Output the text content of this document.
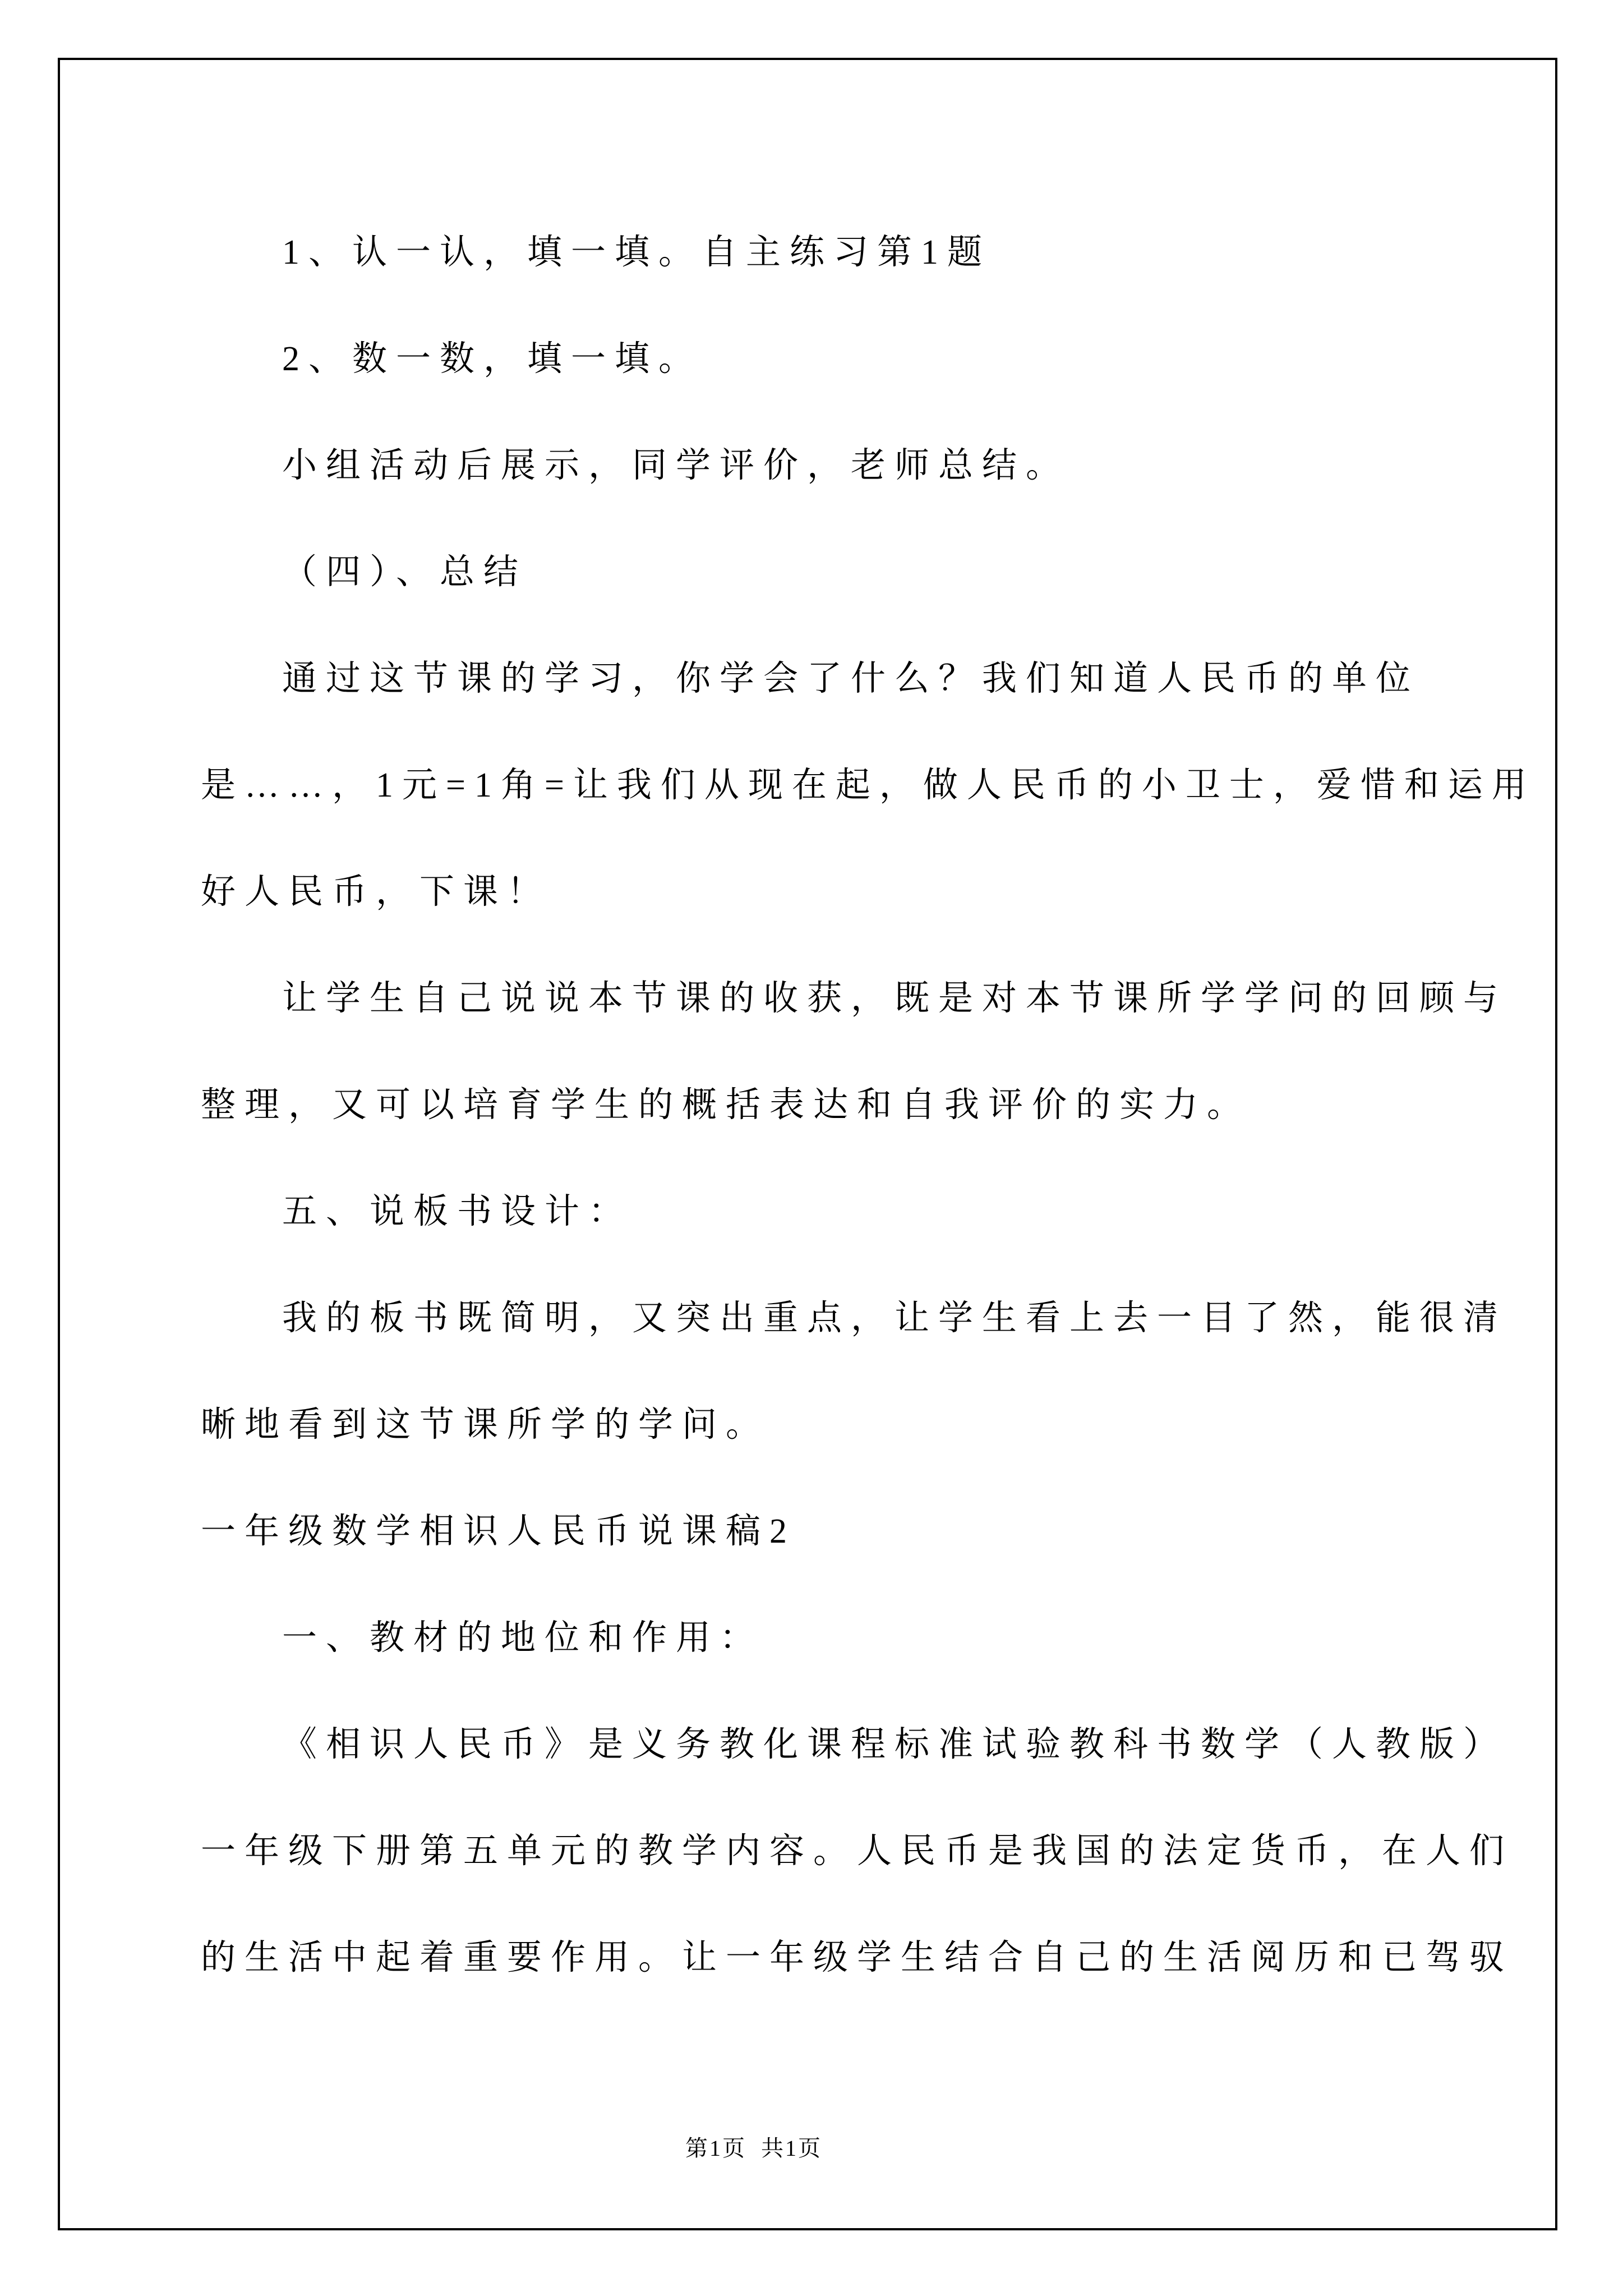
1、认一认，填一填。自主练习第1题
2、数一数，填一填。
小组活动后展示，同学评价，老师总结。
（四）、总结
通过这节课的学习，你学会了什么？我们知道人民币的单位
是……，1元=1角=让我们从现在起，做人民币的小卫士，爱惜和运用
好人民币，下课！
让学生自己说说本节课的收获，既是对本节课所学学问的回顾与
整理，又可以培育学生的概括表达和自我评价的实力。
五、说板书设计：
我的板书既简明，又突出重点，让学生看上去一目了然，能很清
晰地看到这节课所学的学问。
一年级数学相识人民币说课稿2
一、教材的地位和作用：
《相识人民币》是义务教化课程标准试验教科书数学（人教版）
一年级下册第五单元的教学内容。人民币是我国的法定货币，在人们
的生活中起着重要作用。让一年级学生结合自己的生活阅历和已驾驭
第1页  共1页
